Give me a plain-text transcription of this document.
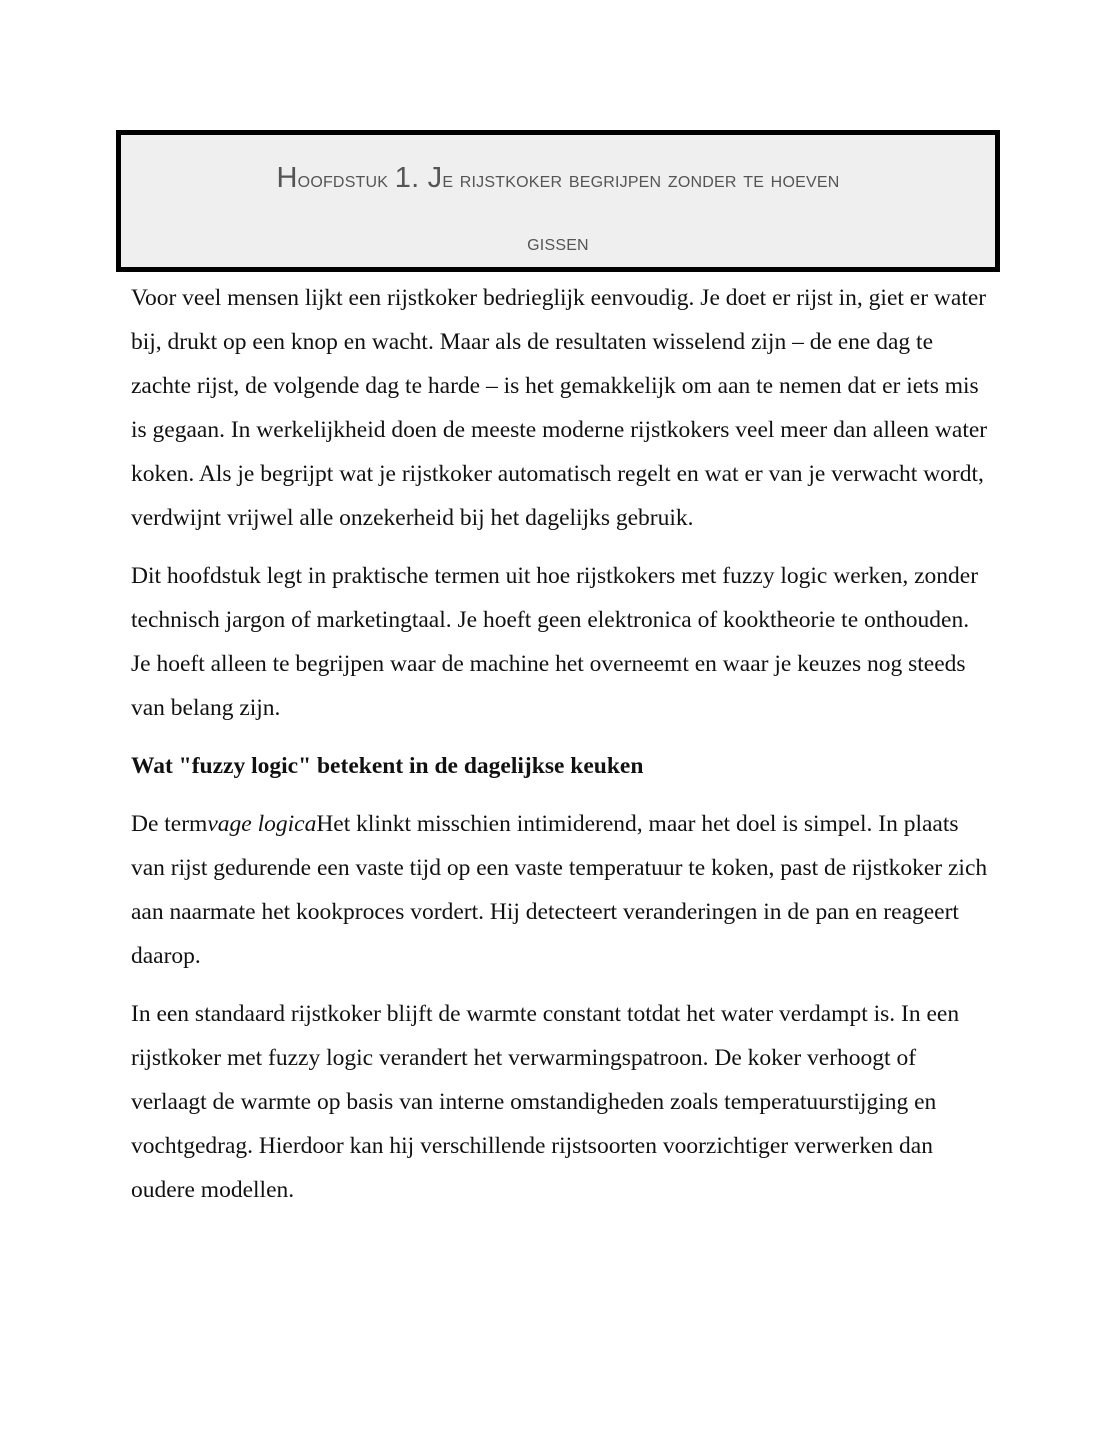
Hoofdstuk 1. Je rijstkoker begrijpen zonder te hoeven
gissen

Voor veel mensen lijkt een rijstkoker bedrieglijk eenvoudig. Je doet er rijst in, giet er water bij, drukt op een knop en wacht. Maar als de resultaten wisselend zijn – de ene dag te zachte rijst, de volgende dag te harde – is het gemakkelijk om aan te nemen dat er iets mis is gegaan. In werkelijkheid doen de meeste moderne rijstkokers veel meer dan alleen water koken. Als je begrijpt wat je rijstkoker automatisch regelt en wat er van je verwacht wordt, verdwijnt vrijwel alle onzekerheid bij het dagelijks gebruik.

Dit hoofdstuk legt in praktische termen uit hoe rijstkokers met fuzzy logic werken, zonder technisch jargon of marketingtaal. Je hoeft geen elektronica of kooktheorie te onthouden. Je hoeft alleen te begrijpen waar de machine het overneemt en waar je keuzes nog steeds van belang zijn.

Wat "fuzzy logic" betekent in de dagelijkse keuken

De termvage logicaHet klinkt misschien intimiderend, maar het doel is simpel. In plaats van rijst gedurende een vaste tijd op een vaste temperatuur te koken, past de rijstkoker zich aan naarmate het kookproces vordert. Hij detecteert veranderingen in de pan en reageert daarop.

In een standaard rijstkoker blijft de warmte constant totdat het water verdampt is. In een rijstkoker met fuzzy logic verandert het verwarmingspatroon. De koker verhoogt of verlaagt de warmte op basis van interne omstandigheden zoals temperatuurstijging en vochtgedrag. Hierdoor kan hij verschillende rijstsoorten voorzichtiger verwerken dan oudere modellen.
